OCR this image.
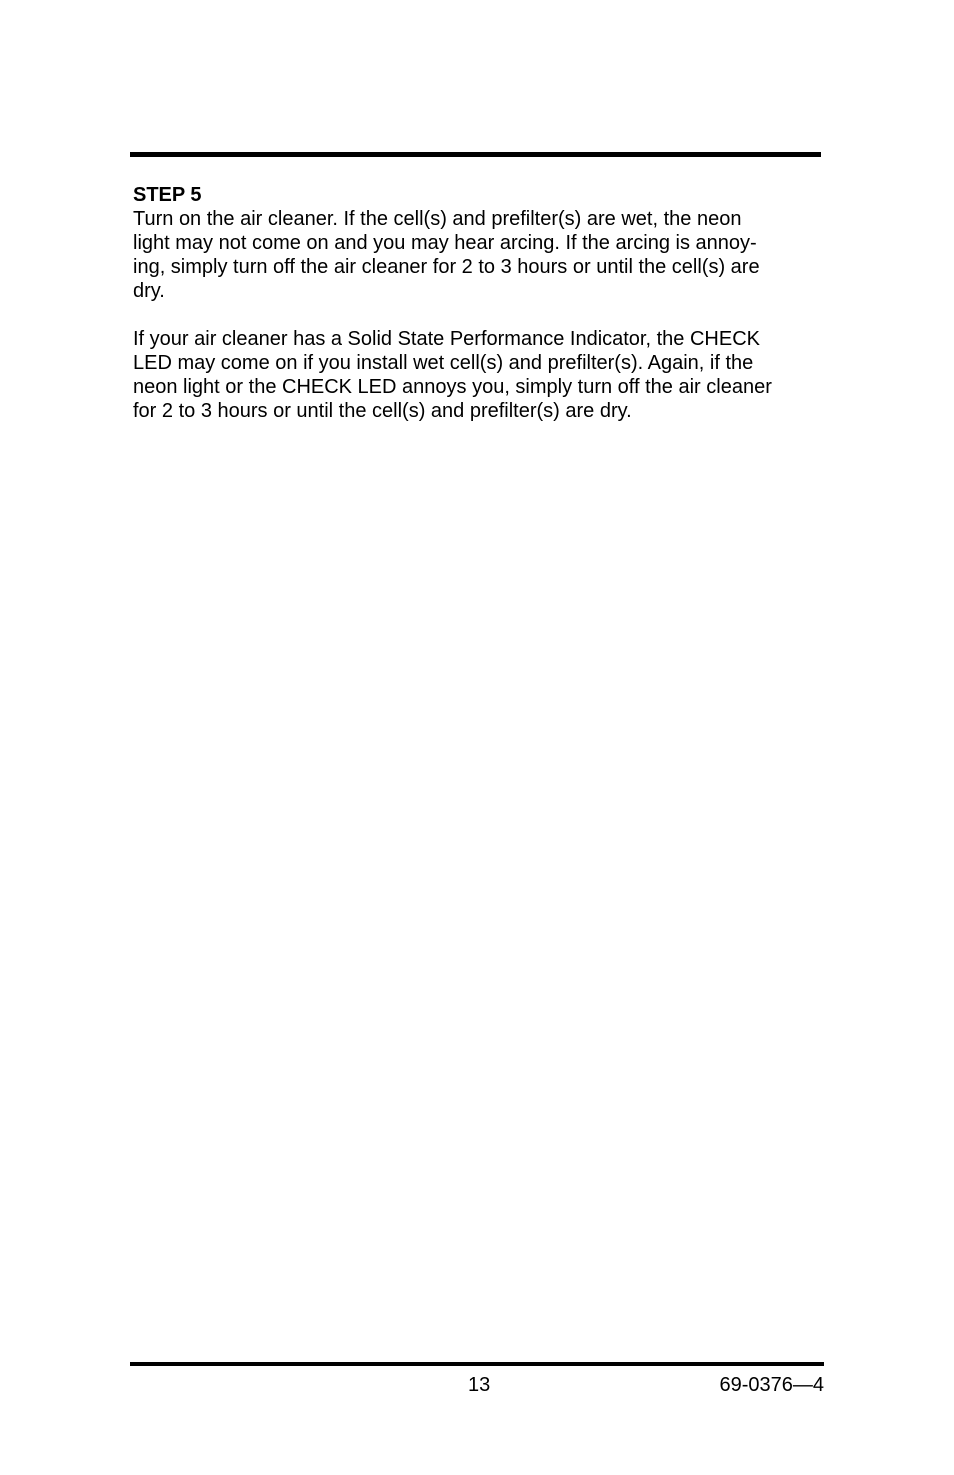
STEP 5

Turn on the air cleaner. If the cell(s) and prefilter(s) are wet, the neon
light may not come on and you may hear arcing. If the arcing is annoy-
ing, simply turn off the air cleaner for 2 to 3 hours or until the cell(s) are
dry.

If your air cleaner has a Solid State Performance Indicator, the CHECK
LED may come on if you install wet cell(s) and prefilter(s). Again, if the
neon light or the CHECK LED annoys you, simply turn off the air cleaner
for 2 to 3 hours or until the cell(s) and prefilter(s) are dry.

13	69-0376—4
